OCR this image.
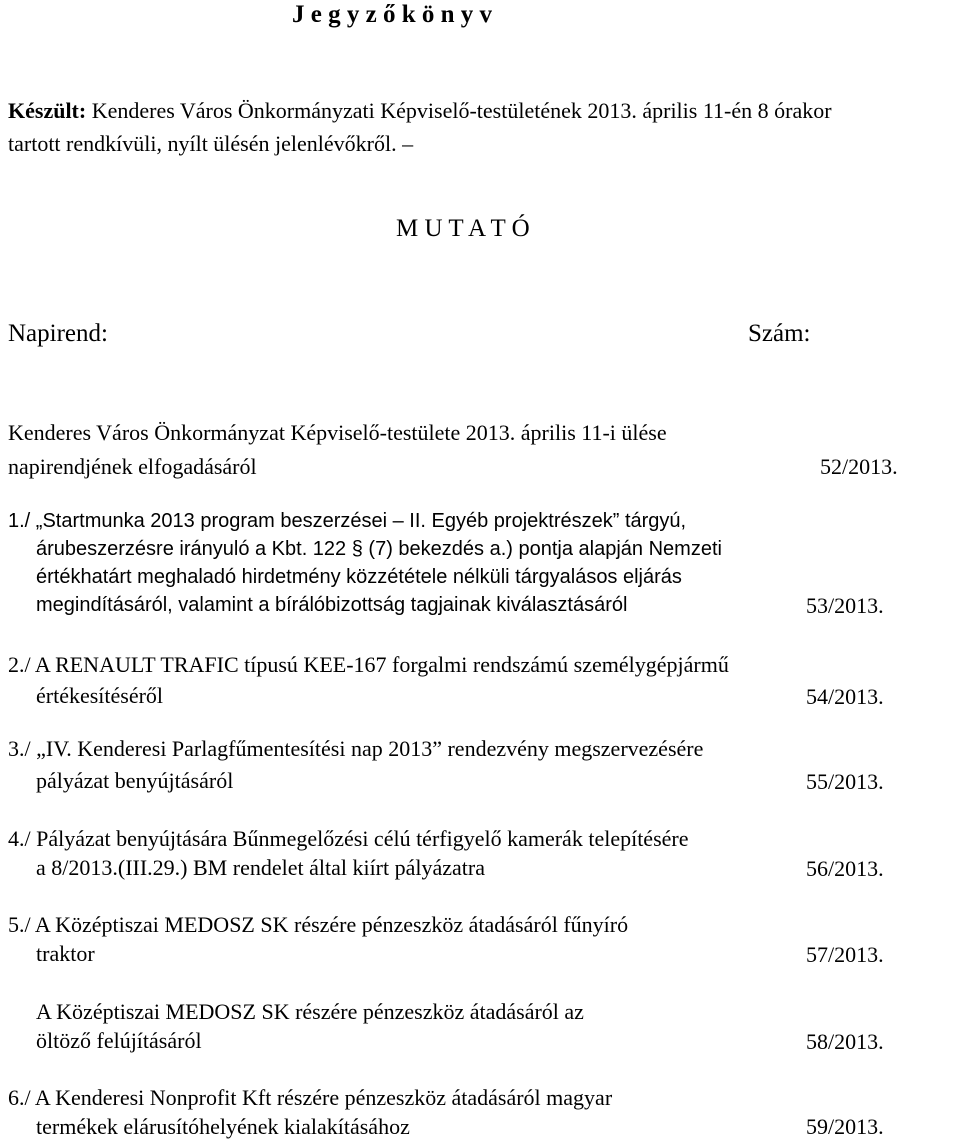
J e g y z ő k ö n y v
Készült: Kenderes Város Önkormányzati Képviselő-testületének 2013. április 11-én 8 órakor
tartott rendkívüli, nyílt ülésén jelenlévőkről. –
M U T A T Ó
Napirend:	Szám:
Kenderes Város Önkormányzat Képviselő-testülete 2013. április 11-i ülése
napirendjének elfogadásáról	52/2013.
1./ „Startmunka 2013 program beszerzései – II. Egyéb projektrészek” tárgyú,
árubeszerzésre irányuló a Kbt. 122 § (7) bekezdés a.) pontja alapján Nemzeti
értékhatárt meghaladó hirdetmény közzététele nélküli tárgyalásos eljárás
megindításáról, valamint a bírálóbizottság tagjainak kiválasztásáról	53/2013.
2./ A RENAULT TRAFIC típusú KEE-167 forgalmi rendszámú személygépjármű
értékesítéséről	54/2013.
3./ „IV. Kenderesi Parlagfűmentesítési nap 2013” rendezvény megszervezésére
pályázat benyújtásáról	55/2013.
4./ Pályázat benyújtására Bűnmegelőzési célú térfigyelő kamerák telepítésére
a 8/2013.(III.29.) BM rendelet által kiírt pályázatra	56/2013.
5./ A Középtiszai MEDOSZ SK részére pénzeszköz átadásáról fűnyíró
traktor	57/2013.
A Középtiszai MEDOSZ SK részére pénzeszköz átadásáról az
öltöző felújításáról	58/2013.
6./ A Kenderesi Nonprofit Kft részére pénzeszköz átadásáról magyar
termékek elárusítóhelyének kialakításához	59/2013.
